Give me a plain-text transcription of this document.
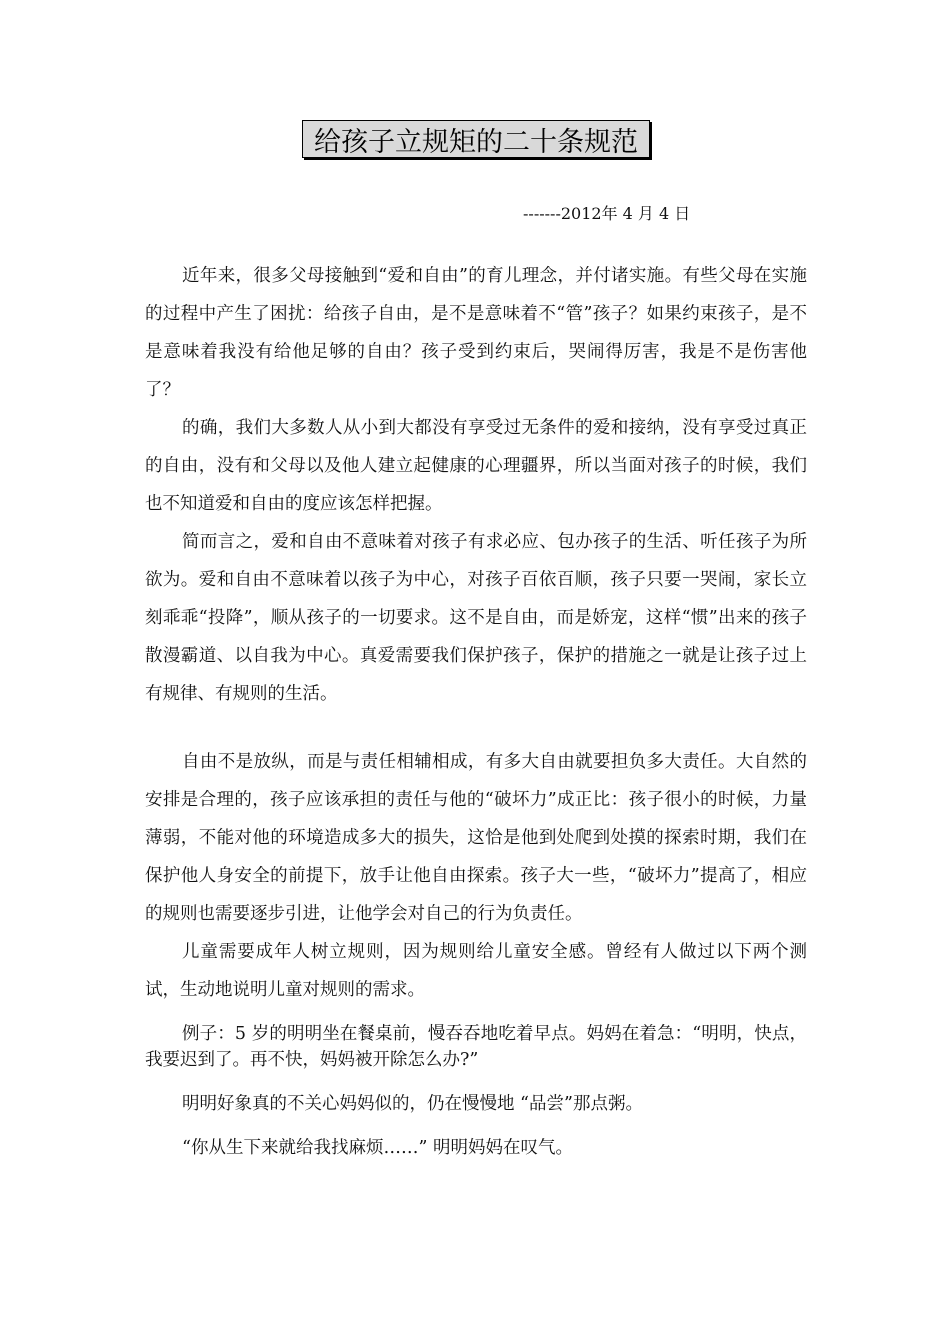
给孩子立规矩的二十条规范
-------2012年 4 月 4 日

近年来，很多父母接触到“爱和自由”的育儿理念，并付诸实施。有些父母在实施的过程中产生了困扰：给孩子自由，是不是意味着不“管”孩子？如果约束孩子，是不是意味着我没有给他足够的自由？孩子受到约束后，哭闹得厉害，我是不是伤害他了？

的确，我们大多数人从小到大都没有享受过无条件的爱和接纳，没有享受过真正的自由，没有和父母以及他人建立起健康的心理疆界，所以当面对孩子的时候，我们也不知道爱和自由的度应该怎样把握。

简而言之，爱和自由不意味着对孩子有求必应、包办孩子的生活、听任孩子为所欲为。爱和自由不意味着以孩子为中心，对孩子百依百顺，孩子只要一哭闹，家长立刻乖乖“投降”，顺从孩子的一切要求。这不是自由，而是娇宠，这样“惯”出来的孩子散漫霸道、以自我为中心。真爱需要我们保护孩子，保护的措施之一就是让孩子过上有规律、有规则的生活。

自由不是放纵，而是与责任相辅相成，有多大自由就要担负多大责任。大自然的安排是合理的，孩子应该承担的责任与他的“破坏力”成正比：孩子很小的时候，力量薄弱，不能对他的环境造成多大的损失，这恰是他到处爬到处摸的探索时期，我们在保护他人身安全的前提下，放手让他自由探索。孩子大一些，“破坏力”提高了，相应的规则也需要逐步引进，让他学会对自己的行为负责任。

儿童需要成年人树立规则，因为规则给儿童安全感。曾经有人做过以下两个测试，生动地说明儿童对规则的需求。

例子：5 岁的明明坐在餐桌前，慢吞吞地吃着早点。妈妈在着急：“明明，快点，我要迟到了。再不快，妈妈被开除怎么办?”

明明好象真的不关心妈妈似的，仍在慢慢地 “品尝”那点粥。

“你从生下来就给我找麻烦……” 明明妈妈在叹气。
